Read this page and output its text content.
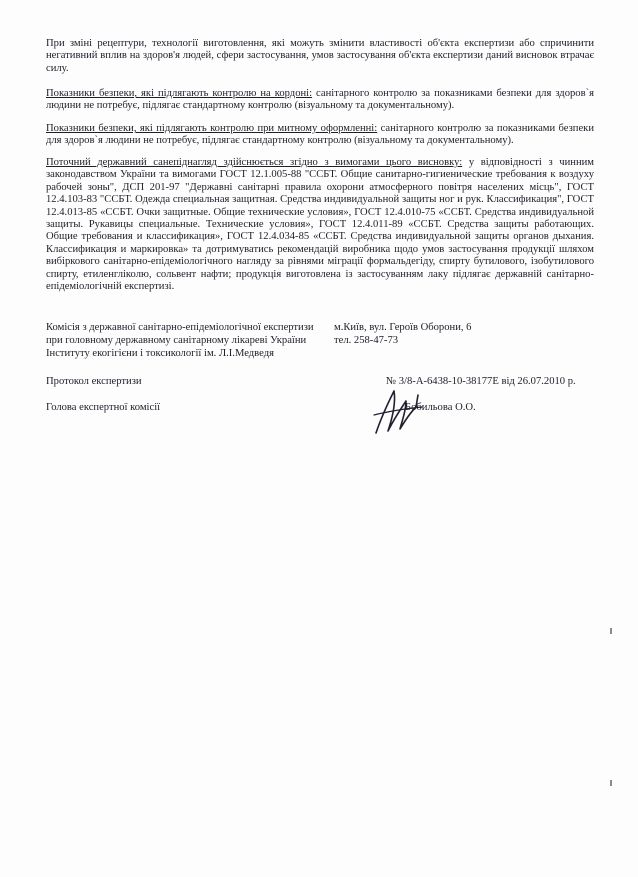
При зміні рецептури, технології виготовлення, які можуть змінити властивості об'єкта експертизи або спричинити негативний вплив на здоров'я людей, сфери застосування, умов застосування об'єкта експертизи даний висновок втрачає силу.

Показники безпеки, які підлягають контролю на кордоні: санітарного контролю за показниками безпеки для здоров`я людини не потребує, підлягає стандартному контролю (візуальному та документальному).

Показники безпеки, які підлягають контролю при митному оформленні: санітарного контролю за показниками безпеки для здоров`я людини не потребує, підлягає стандартному контролю (візуальному та документальному).

Поточний державний санепіднагляд здійснюється згідно з вимогами цього висновку: у відповідності з чинним законодавством України та вимогами ГОСТ 12.1.005-88 "ССБТ. Общие санитарно-гигиенические требования к воздуху рабочей зоны", ДСП 201-97 "Державні санітарні правила охорони атмосферного повітря населених місць", ГОСТ 12.4.103-83 "ССБТ. Одежда специальная защитная. Средства индивидуальной защиты ног и рук. Классификация", ГОСТ 12.4.013-85 «ССБТ. Очки защитные. Общие технические условия», ГОСТ 12.4.010-75 «ССБТ. Средства индивидуальной защиты. Рукавицы специальные. Технические условия», ГОСТ 12.4.011-89 «ССБТ. Средства защиты работающих. Общие требования и классификация», ГОСТ 12.4.034-85 «ССБТ. Средства индивидуальной защиты органов дыхания. Классификация и маркировка» та дотримуватись рекомендацій виробника щодо умов застосування продукції шляхом вибіркового санітарно-епідеміологічного нагляду за рівнями міграції формальдегіду, спирту бутилового, ізобутилового спирту, етиленгліколю, сольвент нафти; продукція виготовлена із застосуванням лаку підлягає державній санітарно-епідеміологічній експертизі.

Комісія з державної санітарно-епідеміологічної експертизи
при головному державному санітарному лікареві України
Інституту екогігієни і токсикології ім. Л.І.Медведя
м.Київ, вул. Героїв Оборони, 6
тел. 258-47-73
Протокол експертизи	№ 3/8-А-6438-10-38177Е від 26.07.2010 р.
Голова експертної комісії	Бобильова О.О.
